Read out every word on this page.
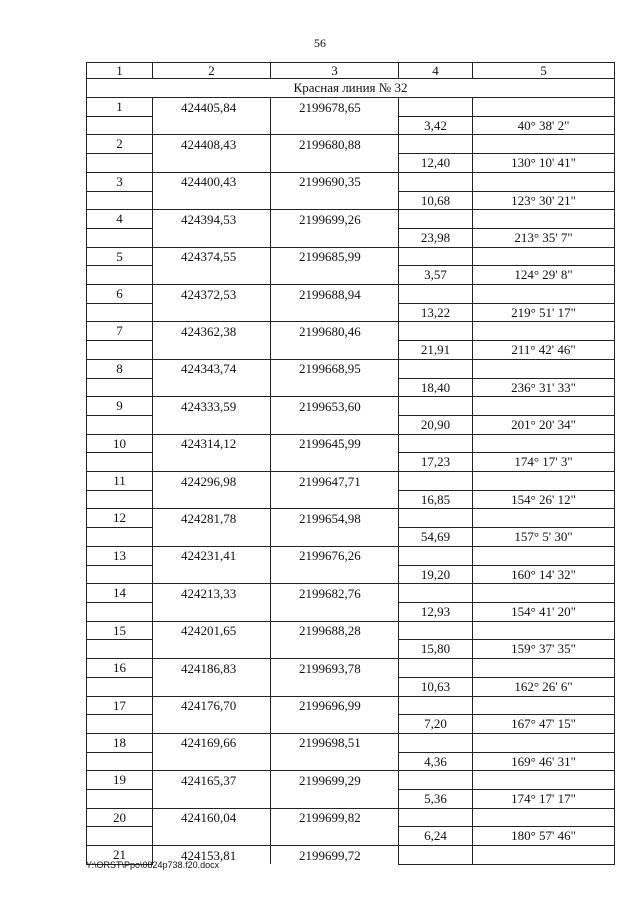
56
1	2	3	4	5
Красная линия № 32				
1	424405,84	2199678,65		
			3,42	40° 38' 2"
2	424408,43	2199680,88		
			12,40	130° 10' 41"
3	424400,43	2199690,35		
			10,68	123° 30' 21"
4	424394,53	2199699,26		
			23,98	213° 35' 7"
5	424374,55	2199685,99		
			3,57	124° 29' 8"
6	424372,53	2199688,94		
			13,22	219° 51' 17"
7	424362,38	2199680,46		
			21,91	211° 42' 46"
8	424343,74	2199668,95		
			18,40	236° 31' 33"
9	424333,59	2199653,60		
			20,90	201° 20' 34"
10	424314,12	2199645,99		
			17,23	174° 17' 3"
11	424296,98	2199647,71		
			16,85	154° 26' 12"
12	424281,78	2199654,98		
			54,69	157° 5' 30"
13	424231,41	2199676,26		
			19,20	160° 14' 32"
14	424213,33	2199682,76		
			12,93	154° 41' 20"
15	424201,65	2199688,28		
			15,80	159° 37' 35"
16	424186,83	2199693,78		
			10,63	162° 26' 6"
17	424176,70	2199696,99		
			7,20	167° 47' 15"
18	424169,66	2199698,51		
			4,36	169° 46' 31"
19	424165,37	2199699,29		
			5,36	174° 17' 17"
20	424160,04	2199699,82		
			6,24	180° 57' 46"
21	424153,81	2199699,72		
Y:\ORST\Ppo\0824p738.f20.docx
